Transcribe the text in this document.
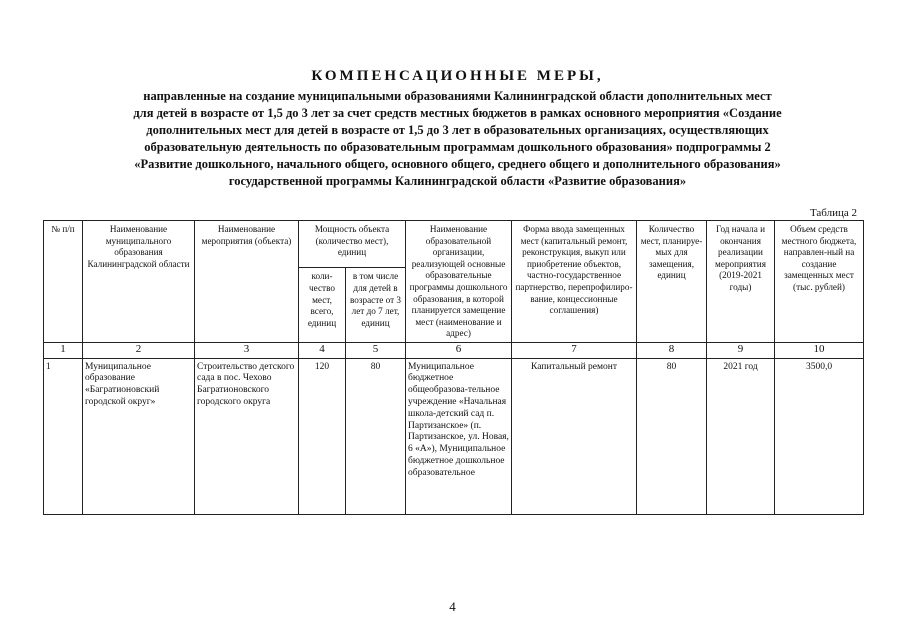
КОМПЕНСАЦИОННЫЕ МЕРЫ,
направленные на создание муниципальными образованиями Калининградской области дополнительных мест
для детей в возрасте от 1,5 до 3 лет за счет средств местных бюджетов в рамках основного мероприятия «Создание
дополнительных мест для детей в возрасте от 1,5 до 3 лет в образовательных организациях, осуществляющих
образовательную деятельность по образовательным программам дошкольного образования» подпрограммы 2
«Развитие дошкольного, начального общего, основного общего, среднего общего и дополнительного образования»
государственной программы Калининградской области «Развитие образования»
Таблица 2
№ п/п	Наименование муниципального образования Калининградской области	Наименование мероприятия (объекта)	Мощность объекта (количество мест), единиц		Наименование образовательной организации, реализующей основные образовательные программы дошкольного образования, в которой планируется замещение мест (наименование и адрес)	Форма ввода замещенных мест (капитальный ремонт, реконструкция, выкуп или приобретение объектов, частно-государственное партнерство, перепрофилиро-вание, концессионные соглашения)	Количество мест, планируе-мых для замещения, единиц	Год начала и окончания реализации мероприятия (2019-2021 годы)	Объем средств местного бюджета, направлен-ный на создание замещенных мест (тыс. рублей)
			коли-чество мест, всего, единиц	в том числе для детей в возрасте от 3 лет до 7 лет, единиц					
1	2	3	4	5	6	7	8	9	10
1	Муниципальное образование «Багратионовский городской округ»	Строительство детского сада в пос. Чехово Багратионовского городского округа	120	80	Муниципальное бюджетное общеобразова-тельное учреждение «Начальная школа-детский сад п. Партизанское» (п. Партизанское, ул. Новая, 6 «А»), Муниципальное бюджетное дошкольное образовательное	Капитальный ремонт	80	2021 год	3500,0
4
